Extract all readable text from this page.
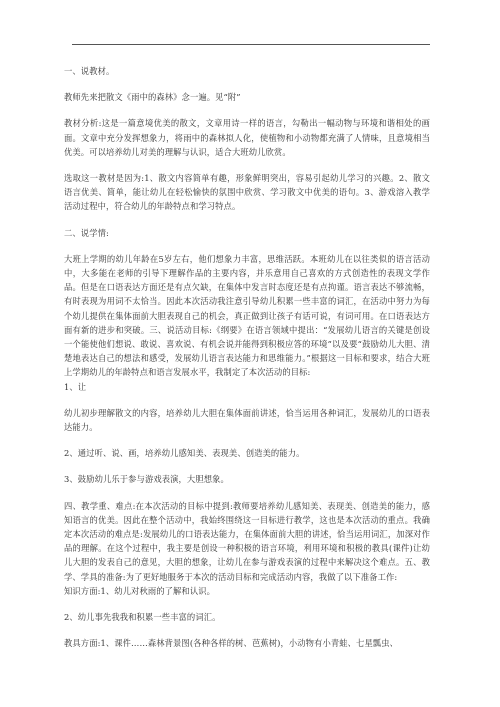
一、说教材。

教师先来把散文《雨中的森林》念一遍。见“附”

教材分析:这是一篇意境优美的散文，文章用诗一样的语言，勾勒出一幅动物与环境和谐相处的画面。文章中充分发挥想象力，将雨中的森林拟人化，使植物和小动物都充满了人情味，且意境相当优美。可以培养幼儿对美的理解与认识，适合大班幼儿欣赏。

选取这一教材是因为:1、散文内容简单有趣，形象鲜明突出，容易引起幼儿学习的兴趣。2、散文语言优美、简单，能让幼儿在轻松愉快的氛围中欣赏、学习散文中优美的语句。3、游戏溶入教学活动过程中，符合幼儿的年龄特点和学习特点。

二、说学情:

大班上学期的幼儿年龄在5岁左右，他们想象力丰富，思维活跃。本班幼儿在以往类似的语言活动中，大多能在老师的引导下理解作品的主要内容，并乐意用自己喜欢的方式创造性的表现文学作品。但是在口语表达方面还是有点欠缺，在集体中发言时态度还是有点拘谨。语言表达不够流畅，有时表现为用词不太恰当。因此本次活动我注意引导幼儿积累一些丰富的词汇，在活动中努力为每个幼儿提供在集体面前大胆表现自己的机会，真正做到让孩子有话可说，有词可用。在口语表达方面有新的进步和突破。三、说活动目标:《纲要》在语言领域中提出：“发展幼儿语言的关键是创设一个能使他们想说、敢说、喜欢说、有机会说并能得到积极应答的环境”以及要“鼓励幼儿大胆、清楚地表达自己的想法和感受，发展幼儿语言表达能力和思维能力。”根据这一目标和要求，结合大班上学期幼儿的年龄特点和语言发展水平，我制定了本次活动的目标:

1、让

幼儿初步理解散文的内容，培养幼儿大胆在集体面前讲述，恰当运用各种词汇，发展幼儿的口语表达能力。

2、通过听、说、画，培养幼儿感知美、表现美、创造美的能力。

3、鼓励幼儿乐于参与游戏表演，大胆想象。

四、教学重、难点:在本次活动的目标中提到:教师要培养幼儿感知美、表现美、创造美的能力，感知语言的优美。因此在整个活动中，我始终围绕这一目标进行教学，这也是本次活动的重点。我确定本次活动的难点是:发展幼儿的口语表达能力，在集体面前大胆的讲述，恰当运用词汇，加深对作品的理解。在这个过程中，我主要是创设一种积极的语言环境，利用环境和积极的教具(课件)让幼儿大胆的发表自己的意见，大胆的想象，让幼儿在参与游戏表演的过程中来解决这个难点。五、教学、学具的准备:为了更好地服务于本次的活动目标和完成活动内容，我做了以下准备工作:

知识方面:1、幼儿对秋雨的了解和认识。

2、幼儿事先我我和积累一些丰富的词汇。

教具方面:1、课件……森林背景图(各种各样的树、芭蕉树)，小动物有小青蛙、七星瓢虫、
